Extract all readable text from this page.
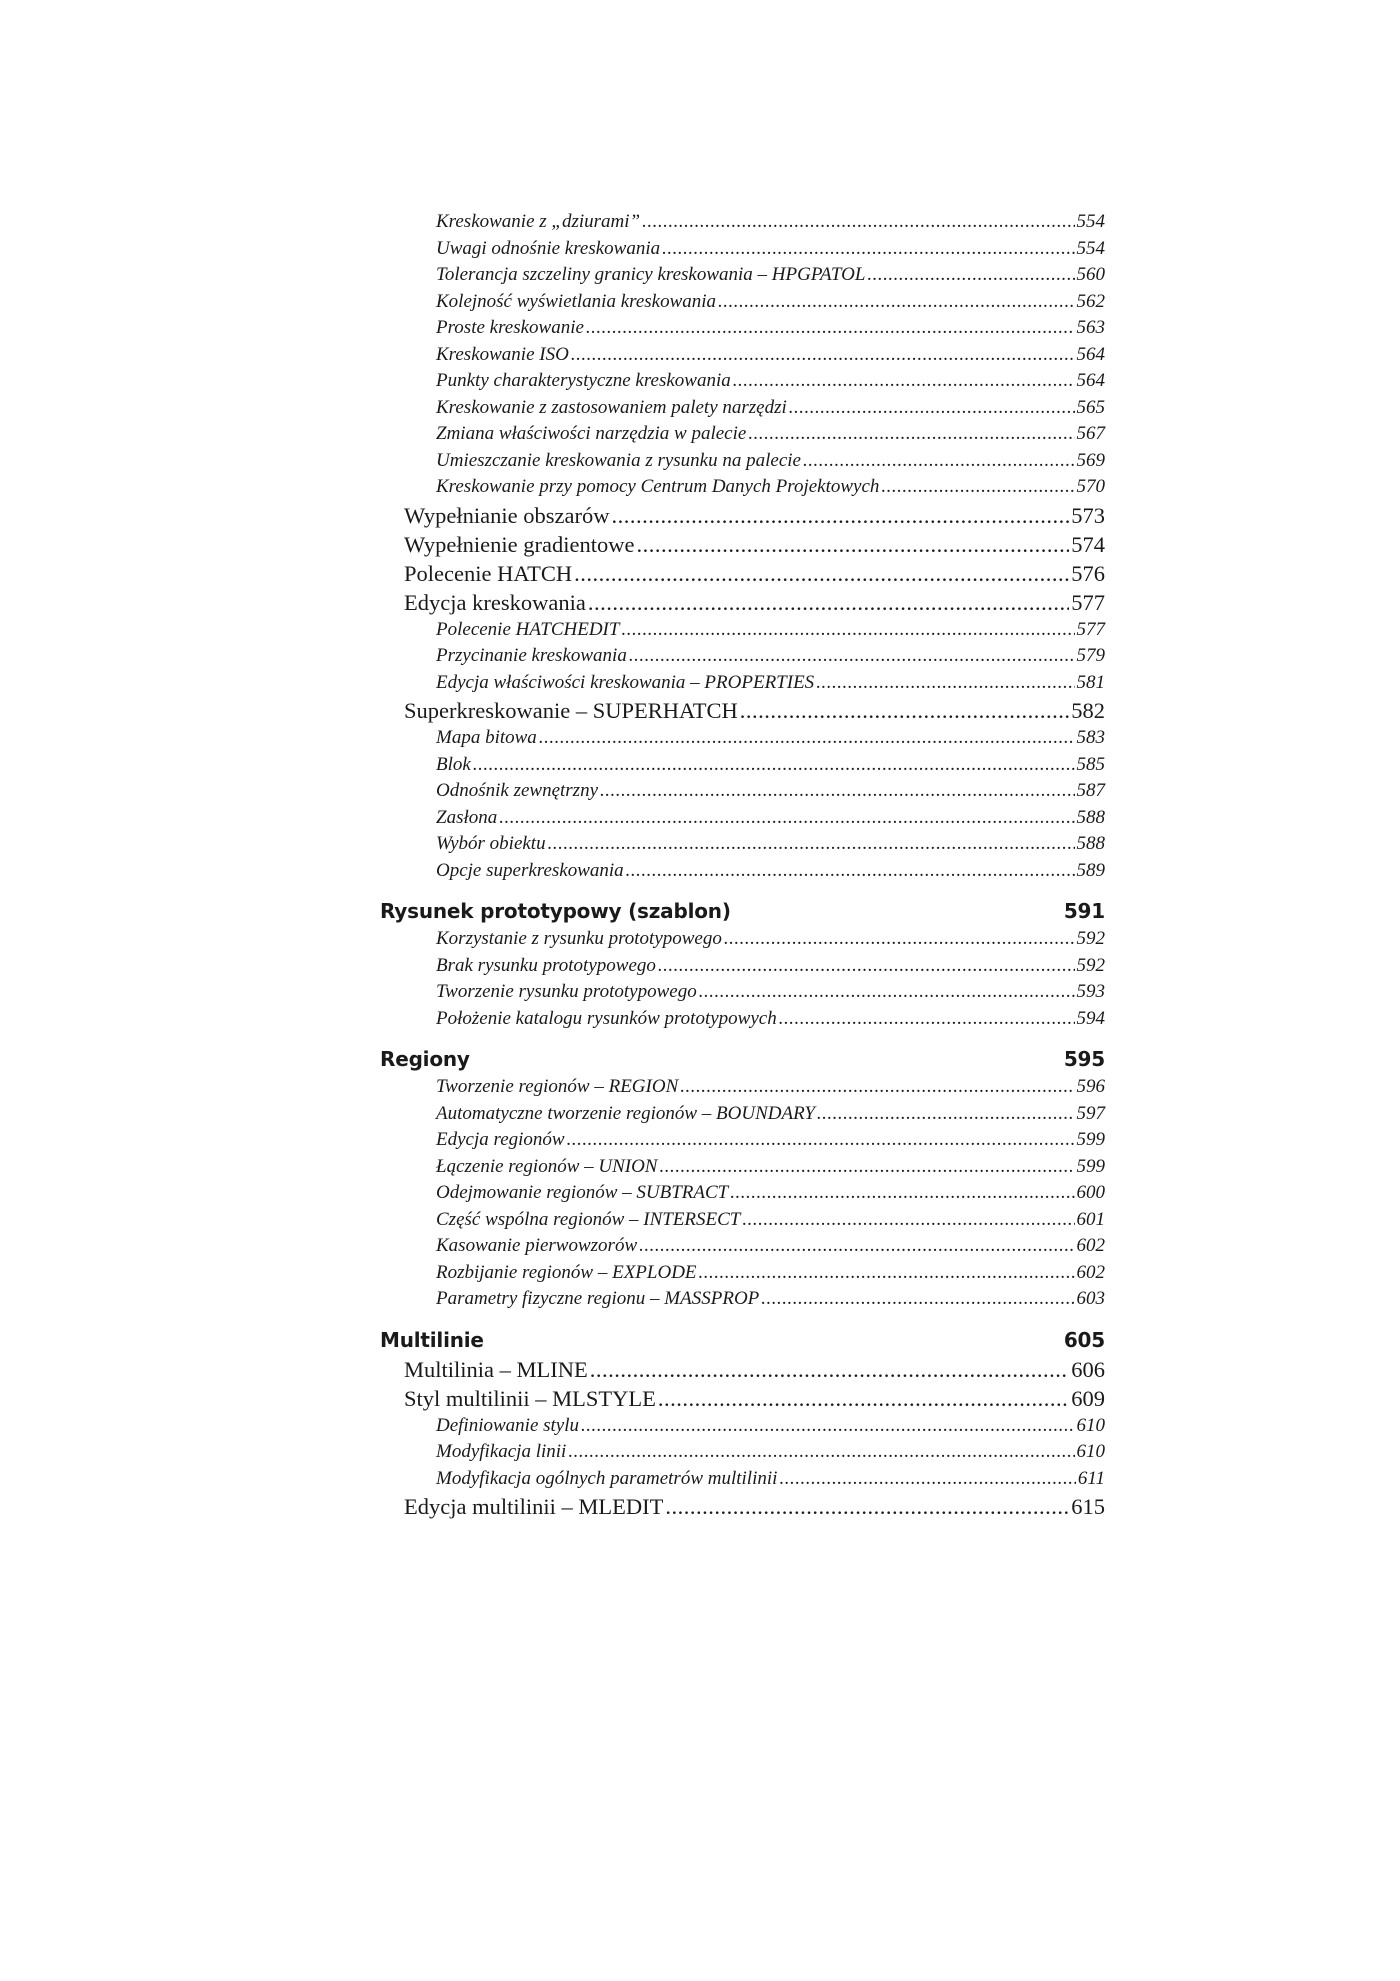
Kreskowanie z „dziurami” .....	554
Uwagi odnośnie kreskowania .....	554
Tolerancja szczeliny granicy kreskowania – HPGPATOL .....	560
Kolejność wyświetlania kreskowania .....	562
Proste kreskowanie .....	563
Kreskowanie ISO .....	564
Punkty charakterystyczne kreskowania .....	564
Kreskowanie z zastosowaniem palety narzędzi .....	565
Zmiana właściwości narzędzia w palecie .....	567
Umieszczanie kreskowania z rysunku na palecie .....	569
Kreskowanie przy pomocy Centrum Danych Projektowych .....	570
Wypełnianie obszarów .....	573
Wypełnienie gradientowe .....	574
Polecenie HATCH .....	576
Edycja kreskowania .....	577
Polecenie HATCHEDIT .....	577
Przycinanie kreskowania .....	579
Edycja właściwości kreskowania – PROPERTIES .....	581
Superkreskowanie – SUPERHATCH .....	582
Mapa bitowa .....	583
Blok .....	585
Odnośnik zewnętrzny .....	587
Zasłona .....	588
Wybór obiektu .....	588
Opcje superkreskowania .....	589
Rysunek prototypowy (szablon)	591
Korzystanie z rysunku prototypowego .....	592
Brak rysunku prototypowego .....	592
Tworzenie rysunku prototypowego .....	593
Położenie katalogu rysunków prototypowych .....	594
Regiony	595
Tworzenie regionów – REGION .....	596
Automatyczne tworzenie regionów – BOUNDARY .....	597
Edycja regionów .....	599
Łączenie regionów – UNION .....	599
Odejmowanie regionów – SUBTRACT .....	600
Część wspólna regionów – INTERSECT .....	601
Kasowanie pierwowzorów .....	602
Rozbijanie regionów – EXPLODE .....	602
Parametry fizyczne regionu – MASSPROP .....	603
Multilinie	605
Multilinia – MLINE .....	606
Styl multilinii – MLSTYLE .....	609
Definiowanie stylu .....	610
Modyfikacja linii .....	610
Modyfikacja ogólnych parametrów multilinii .....	611
Edycja multilinii – MLEDIT .....	615
